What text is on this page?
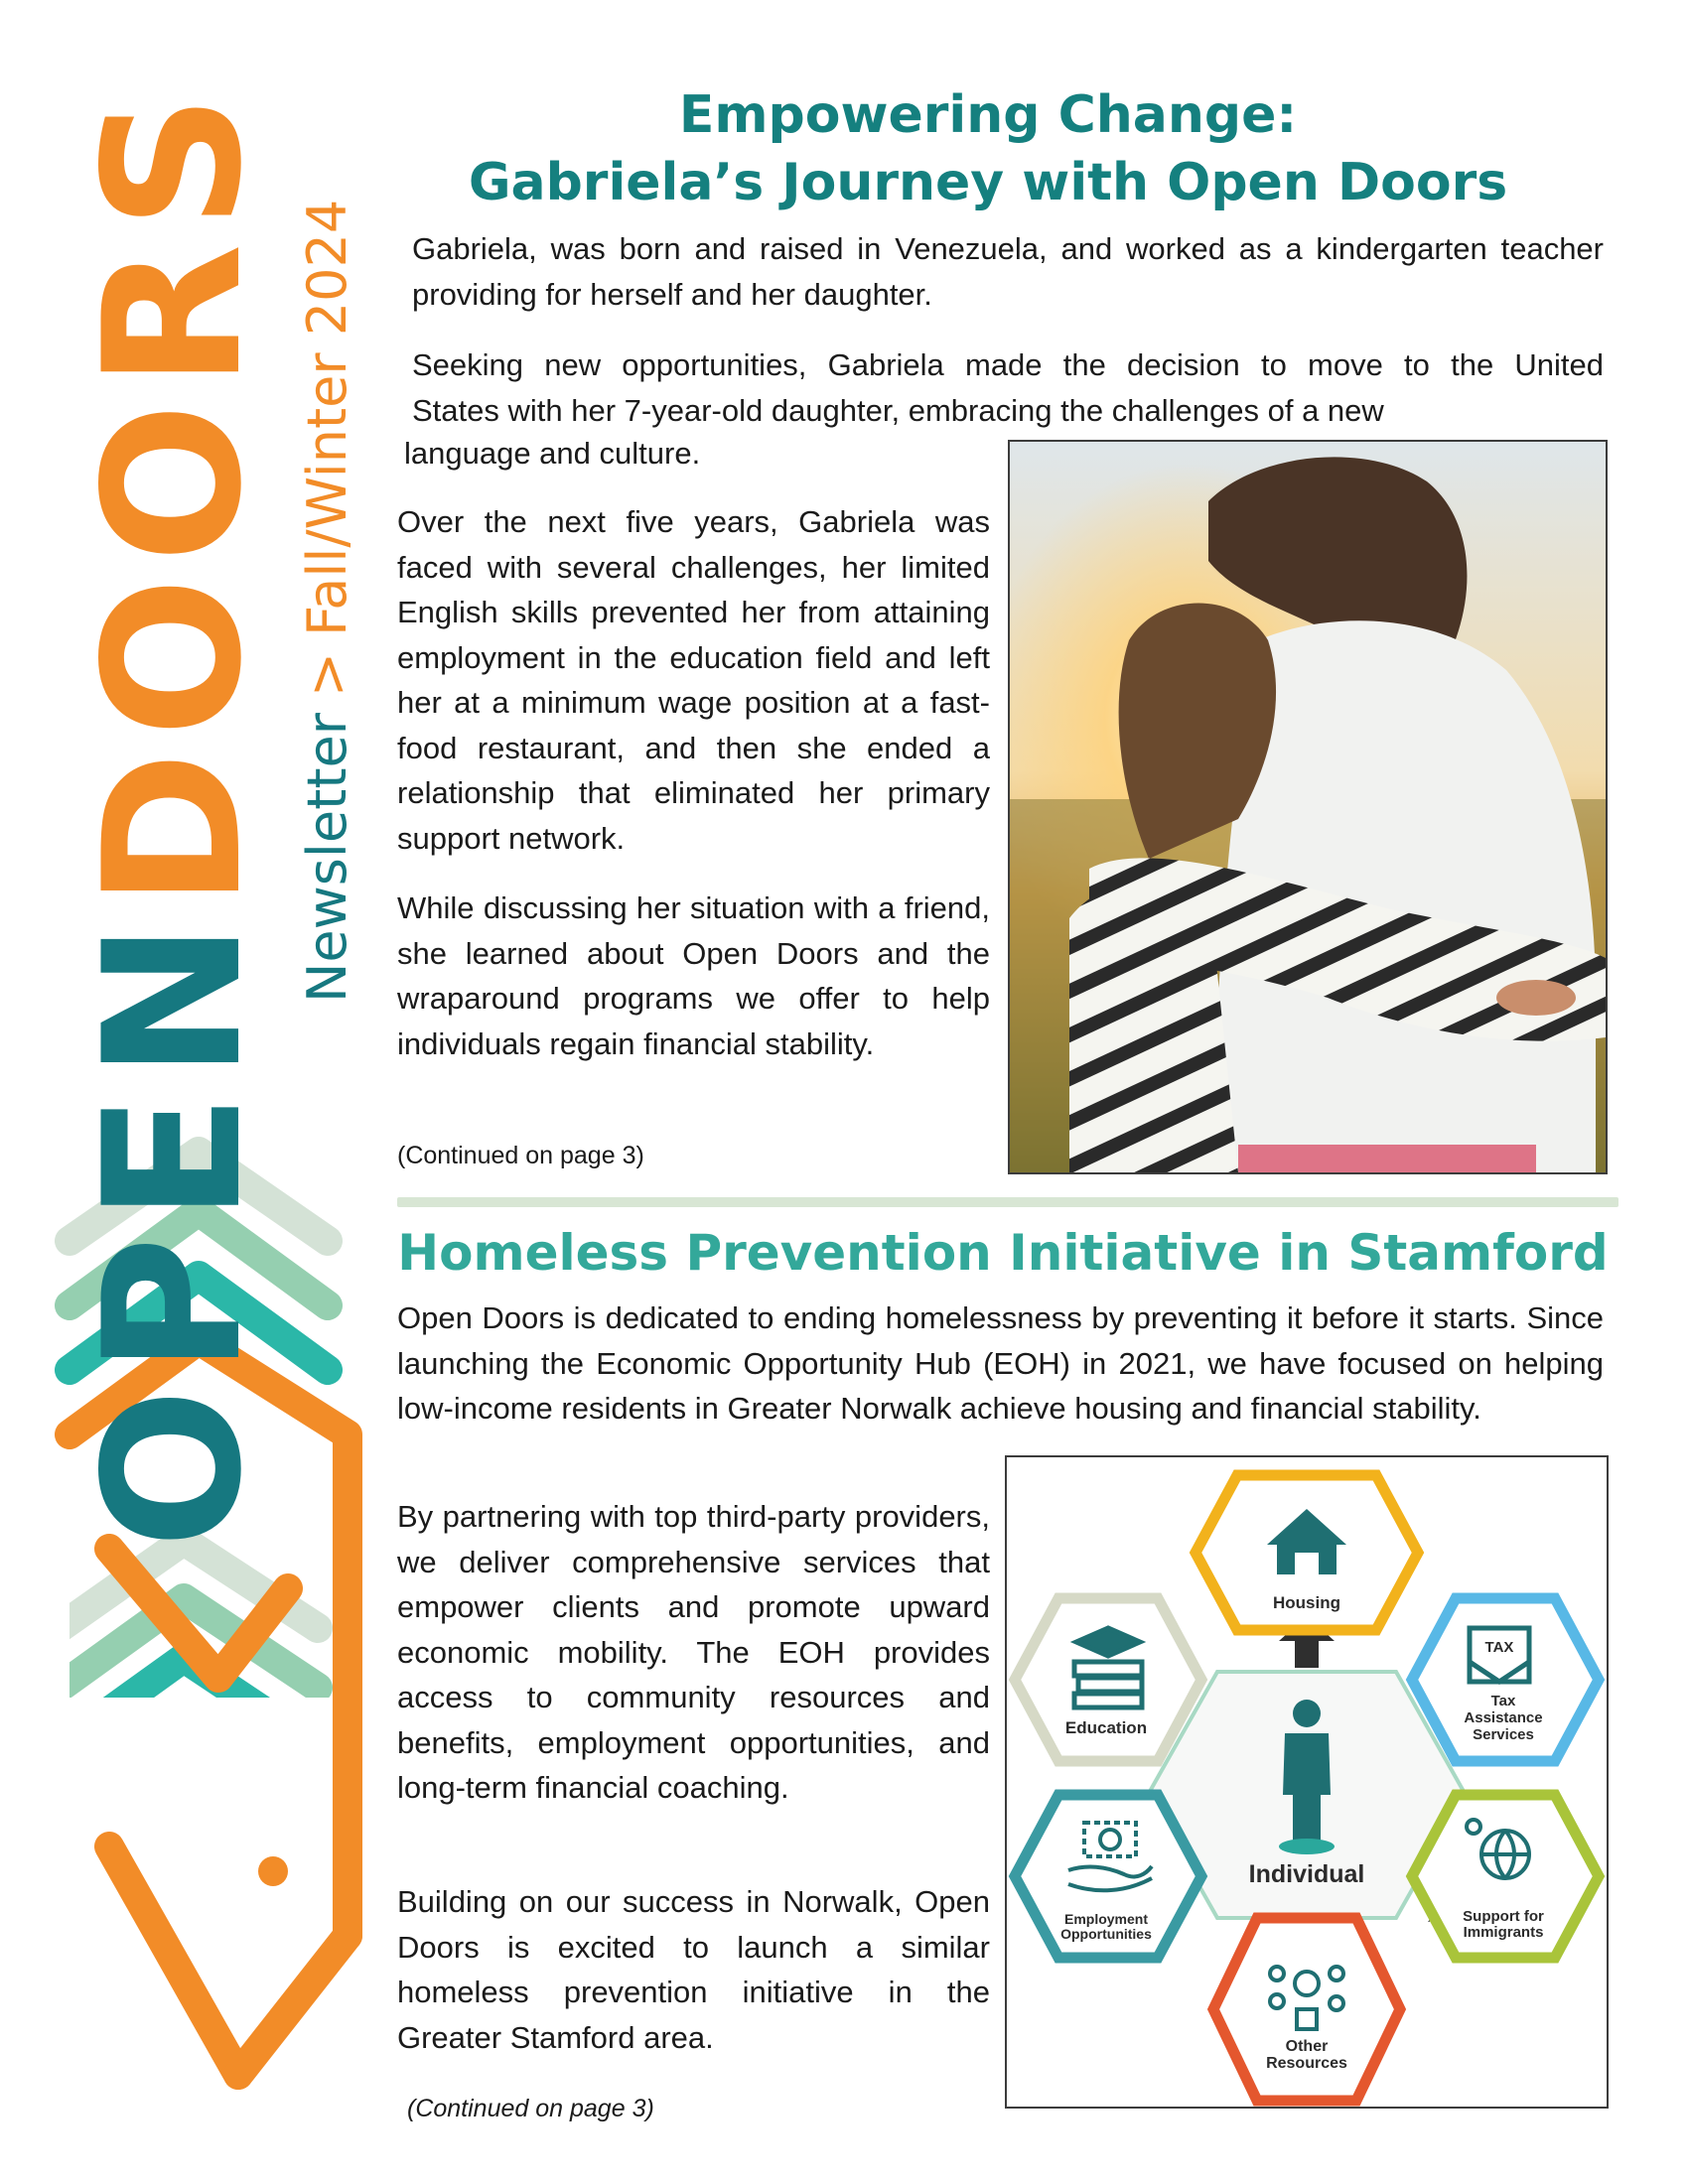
OPENDOORS Newsletter>Fall/Winter 2024
Empowering Change:
Gabriela’s Journey with Open Doors

Gabriela, was born and raised in Venezuela, and worked as a kindergarten teacher providing for herself and her daughter.

Seeking new opportunities, Gabriela made the decision to move to the United

States with her 7-year-old daughter, embracing the challenges of a new

language and culture.

Over the next five years, Gabriela was faced with several challenges, her limited English skills prevented her from attaining employment in the education field and left her at a minimum wage position at a fast-food restaurant, and then she ended a relationship that eliminated her primary support network.

While discussing her situation with a friend, she learned about Open Doors and the wraparound programs we offer to help individuals regain financial stability.

(Continued on page 3)
Homeless Prevention Initiative in Stamford

Open Doors is dedicated to ending homelessness by preventing it before it starts. Since launching the Economic Opportunity Hub (EOH) in 2021, we have focused on helping low-income residents in Greater Norwalk achieve housing and financial stability.

By partnering with top third-party providers, we deliver comprehensive services that empower clients and promote upward economic mobility. The EOH provides access to community resources and benefits, employment opportunities, and long-term financial coaching.

Building on our success in Norwalk, Open Doors is excited to launch a similar homeless prevention initiative in the Greater Stamford area.

(Continued on page 3)
Individual
Housing
Education
TAX
Tax
Assistance
Services
Employment
Opportunities
Support for
Immigrants
Other
Resources
